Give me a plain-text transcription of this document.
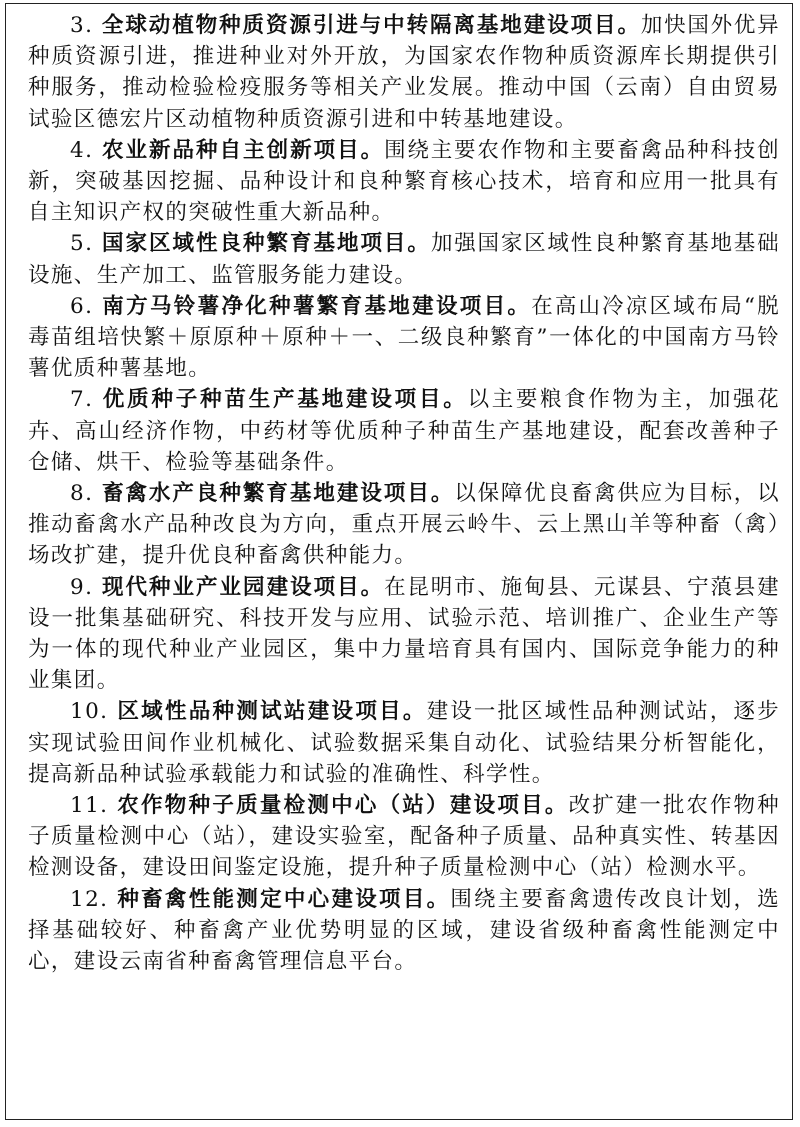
3. 全球动植物种质资源引进与中转隔离基地建设项目。加快国外优异种质资源引进，推进种业对外开放，为国家农作物种质资源库长期提供引种服务，推动检验检疫服务等相关产业发展。推动中国（云南）自由贸易试验区德宏片区动植物种质资源引进和中转基地建设。

4. 农业新品种自主创新项目。围绕主要农作物和主要畜禽品种科技创新，突破基因挖掘、品种设计和良种繁育核心技术，培育和应用一批具有自主知识产权的突破性重大新品种。

5. 国家区域性良种繁育基地项目。加强国家区域性良种繁育基地基础设施、生产加工、监管服务能力建设。

6. 南方马铃薯净化种薯繁育基地建设项目。在高山冷凉区域布局“脱毒苗组培快繁＋原原种＋原种＋一、二级良种繁育”一体化的中国南方马铃薯优质种薯基地。

7. 优质种子种苗生产基地建设项目。以主要粮食作物为主，加强花卉、高山经济作物，中药材等优质种子种苗生产基地建设，配套改善种子仓储、烘干、检验等基础条件。

8. 畜禽水产良种繁育基地建设项目。以保障优良畜禽供应为目标，以推动畜禽水产品种改良为方向，重点开展云岭牛、云上黑山羊等种畜（禽）场改扩建，提升优良种畜禽供种能力。

9. 现代种业产业园建设项目。在昆明市、施甸县、元谋县、宁蒗县建设一批集基础研究、科技开发与应用、试验示范、培训推广、企业生产等为一体的现代种业产业园区，集中力量培育具有国内、国际竞争能力的种业集团。

10. 区域性品种测试站建设项目。建设一批区域性品种测试站，逐步实现试验田间作业机械化、试验数据采集自动化、试验结果分析智能化，提高新品种试验承载能力和试验的准确性、科学性。

11. 农作物种子质量检测中心（站）建设项目。改扩建一批农作物种子质量检测中心（站），建设实验室，配备种子质量、品种真实性、转基因检测设备，建设田间鉴定设施，提升种子质量检测中心（站）检测水平。

12. 种畜禽性能测定中心建设项目。围绕主要畜禽遗传改良计划，选择基础较好、种畜禽产业优势明显的区域，建设省级种畜禽性能测定中心，建设云南省种畜禽管理信息平台。
